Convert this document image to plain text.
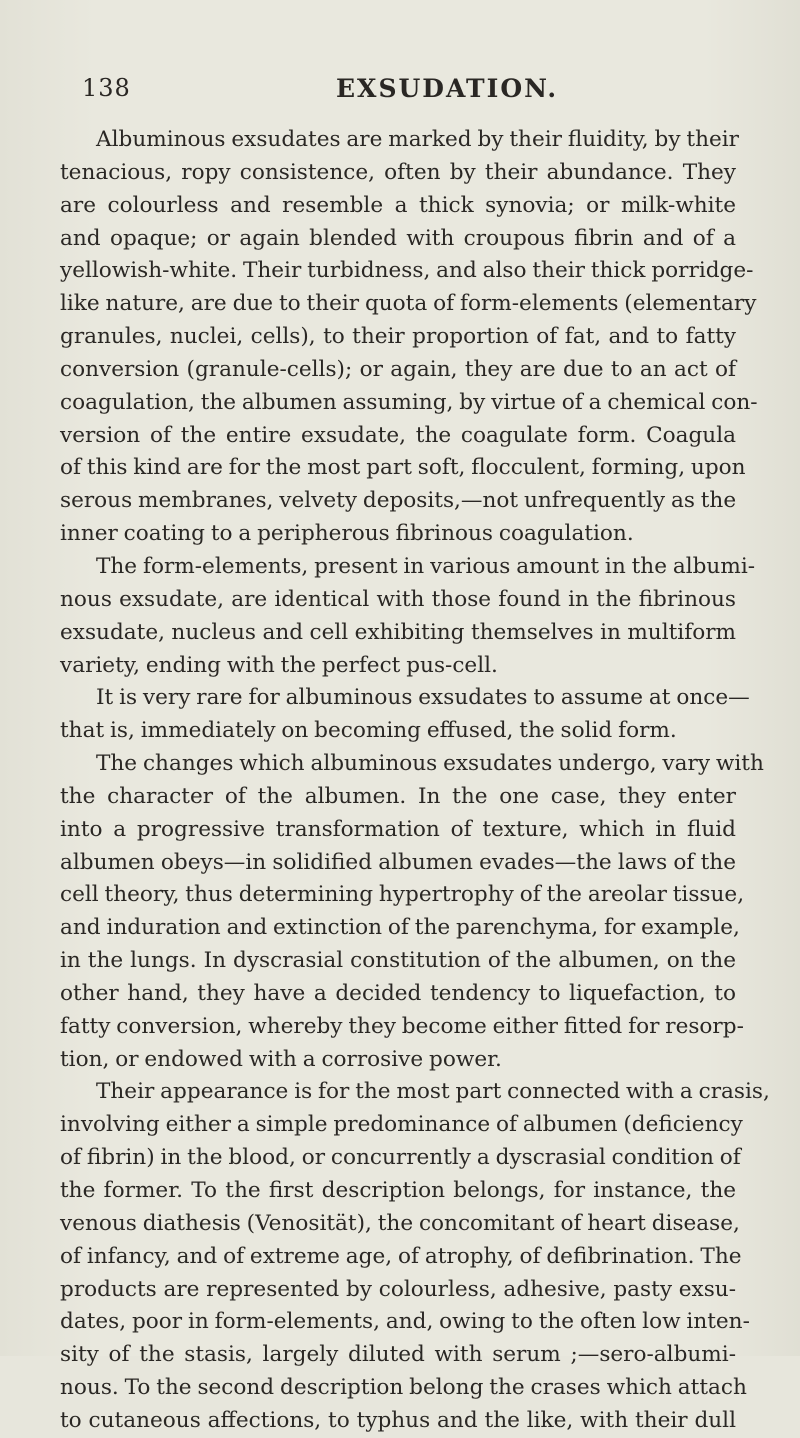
138	EXSUDATION.
Albuminous exsudates are marked by their fluidity, by their
tenacious, ropy consistence, often by their abundance. They
are colourless and resemble a thick synovia; or milk-white
and opaque; or again blended with croupous fibrin and of a
yellowish-white. Their turbidness, and also their thick porridge-
like nature, are due to their quota of form-elements (elementary
granules, nuclei, cells), to their proportion of fat, and to fatty
conversion (granule-cells); or again, they are due to an act of
coagulation, the albumen assuming, by virtue of a chemical con-
version of the entire exsudate, the coagulate form. Coagula
of this kind are for the most part soft, flocculent, forming, upon
serous membranes, velvety deposits,—not unfrequently as the
inner coating to a peripherous fibrinous coagulation.
The form-elements, present in various amount in the albumi-
nous exsudate, are identical with those found in the fibrinous
exsudate, nucleus and cell exhibiting themselves in multiform
variety, ending with the perfect pus-cell.
It is very rare for albuminous exsudates to assume at once—
that is, immediately on becoming effused, the solid form.
The changes which albuminous exsudates undergo, vary with
the character of the albumen. In the one case, they enter
into a progressive transformation of texture, which in fluid
albumen obeys—in solidified albumen evades—the laws of the
cell theory, thus determining hypertrophy of the areolar tissue,
and induration and extinction of the parenchyma, for example,
in the lungs. In dyscrasial constitution of the albumen, on the
other hand, they have a decided tendency to liquefaction, to
fatty conversion, whereby they become either fitted for resorp-
tion, or endowed with a corrosive power.
Their appearance is for the most part connected with a crasis,
involving either a simple predominance of albumen (deficiency
of fibrin) in the blood, or concurrently a dyscrasial condition of
the former. To the first description belongs, for instance, the
venous diathesis (Venosität), the concomitant of heart disease,
of infancy, and of extreme age, of atrophy, of defibrination. The
products are represented by colourless, adhesive, pasty exsu-
dates, poor in form-elements, and, owing to the often low inten-
sity of the stasis, largely diluted with serum ;—sero-albumi-
nous. To the second description belong the crases which attach
to cutaneous affections, to typhus and the like, with their dull
